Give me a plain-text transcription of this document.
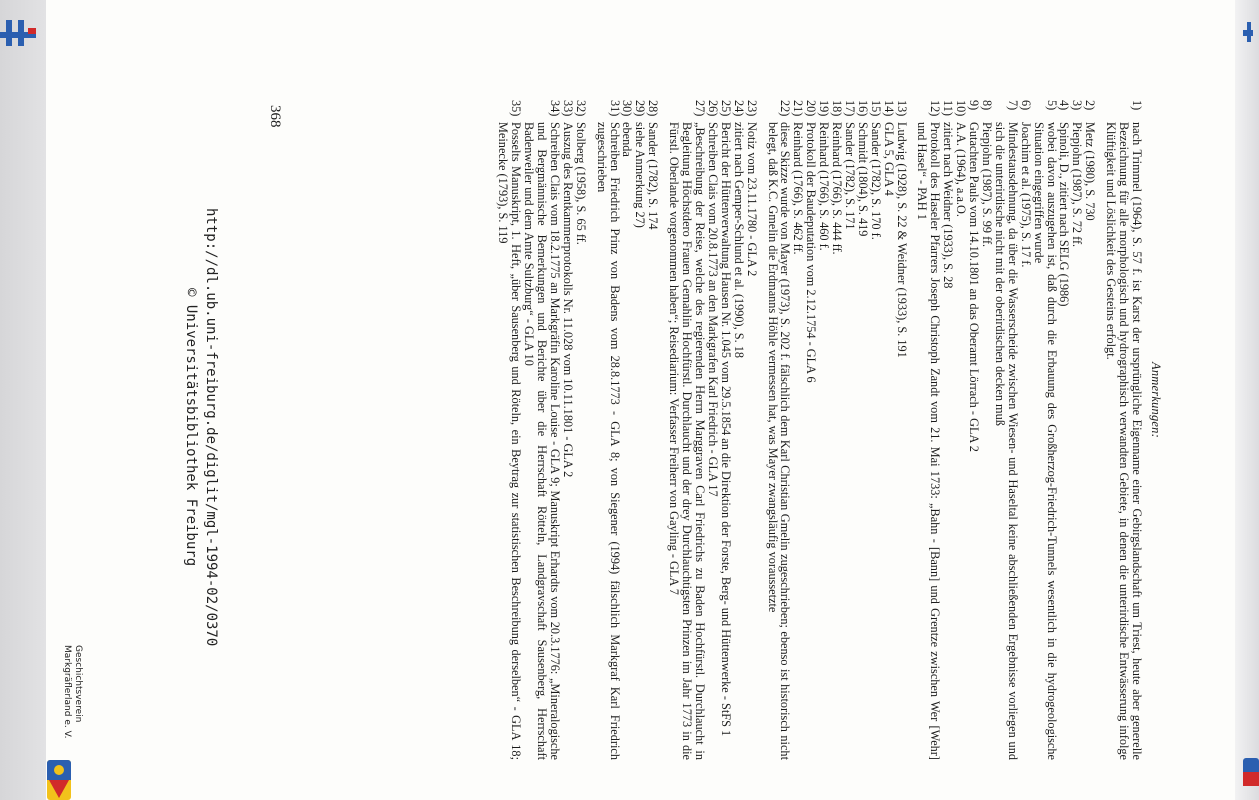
Anmerkungen:
1)
nach Trimmel (1964), S. 57 f. ist Karst der ursprüngliche Eigenname einer Gebirgslandschaft um Triest, heute aber generelle Bezeichnung für alle morphologisch und hydrographisch verwandten Gebiete, in denen die unterirdische Entwässerung infolge Klüftigkeit und Löslichkeit des Gesteins erfolgt.
2)
Metz (1980), S. 730
3)
Piepjohn (1987), S. 72 ff.
4)
Spinoli, D., zitiert nach SELG (1986)
5)
wobei davon auszugehen ist, daß durch die Erbauung des Großherzog-Friedrich-Tunnels wesentlich in die hydrogeologische Situation eingegriffen wurde
6)
Joachim et al. (1975), S. 17 f.
7)
Mindestausdehnung, da über die Wasserscheide zwischen Wiesen- und Haseltal keine abschließenden Ergebnisse vorliegen und sich die unterirdische nicht mit der oberirdischen decken muß
8)
Piepjohn (1987), S. 99 ff.
9)
Gutachten Pauls vom 14.10.1801 an das Oberamt Lörrach - GLA 2
10)
A.A. (1964), a.a.O.
11)
zitiert nach Weidner (1933), S. 28
12)
Protokoll des Haseler Pfarrers Joseph Christoph Zandt vom 21. Mai 1733: „Bahn - [Bann] und Grentze zwischen Wer [Wehr] und Hasel“ - PAH 1
13)
Ludwig (1928), S. 22 & Weidner (1933), S. 191
14)
GLA 5, GLA 4
15)
Sander (1782), S. 170 f.
16)
Schmidt (1804), S. 419
17)
Sander (1782), S. 171
18)
Reinhard (1766), S. 444 ff.
19)
Reinhard (1766), S. 460 f.
20)
Protokoll der Baudeputation vom 2.12.1754 - GLA 6
21)
Reinhard (1766), S. 462 ff.
22)
diese Skizze wurde von Mayer (1973), S. 202 f. fälschlich dem Karl Christian Gmelin zugeschrieben; ebenso ist historisch nicht belegt, daß K.C. Gmelin die Erdmanns Höhle vermessen hat, was Mayer zwangsläufig voraussetzte
23)
Notiz vom 23.11.1780 - GLA 2
24)
zitiert nach Gemper-Schlund et al. (1990), S. 18
25)
Bericht der Hüttenverwaltung Hausen Nr. 1.045 vom 29.5.1854 an die Direktion der Forste, Berg- und Hüttenwerke - StFS 1
26)
Schreiben Clais vom 20.8.1773 an den Markgrafen Karl Friedrich - GLA 17
27)
„Beschreibung der Reise, welche des regierenden Herrn Marggraven Carl Friedrichs zu Baden Hochfürstl. Durchlaucht in Begleitung Höchstdero Frauen Gemahlin Hochfürstl. Durchlaucht und der drey Durchlauchtigsten Prinzen im Jahr 1773 in die Fürstl. Oberlande vorgenommen haben“; Reisediarium: Verfasser Freiherr von Gayling - GLA 7
28)
Sander (1782), S. 174
29)
siehe Anmerkung 27)
30)
ebenda
31)
Schreiben Friedrich Prinz von Badens vom 28.8.1773 - GLA 8; von Siegener (1994) fälschlich Markgraf Karl Friedrich zugeschrieben
32)
Stolberg (1958), S. 65 ff.
33)
Auszug des Rentkammerprotokolls Nr. 11.028 vom 10.11.1801 - GLA 2
34)
Schreiben Clais vom 18.2.1775 an Markgräfin Karoline Louise - GLA 9; Manuskript Erhardts vom 20.3.1776: „Mineralogische und Bergmännische Bemerkungen und Berichte über die Herrschaft Rötteln, Landgravschaft Sausenberg, Herrschaft Badenweiler und dem Amte Sultzburg“ - GLA 10
35)
Posselts Manuskript, 1. Heft, „über Sausenberg und Röteln, ein Beytrag zur statistischen Beschreibung derselben“ - GLA 18; Meinecke (1793), S. 119
368
http://dl.ub.uni-freiburg.de/diglit/mgl-1994-02/0370
© Universitätsbibliothek Freiburg
Geschichtsverein
Markgräflerland e. V.
